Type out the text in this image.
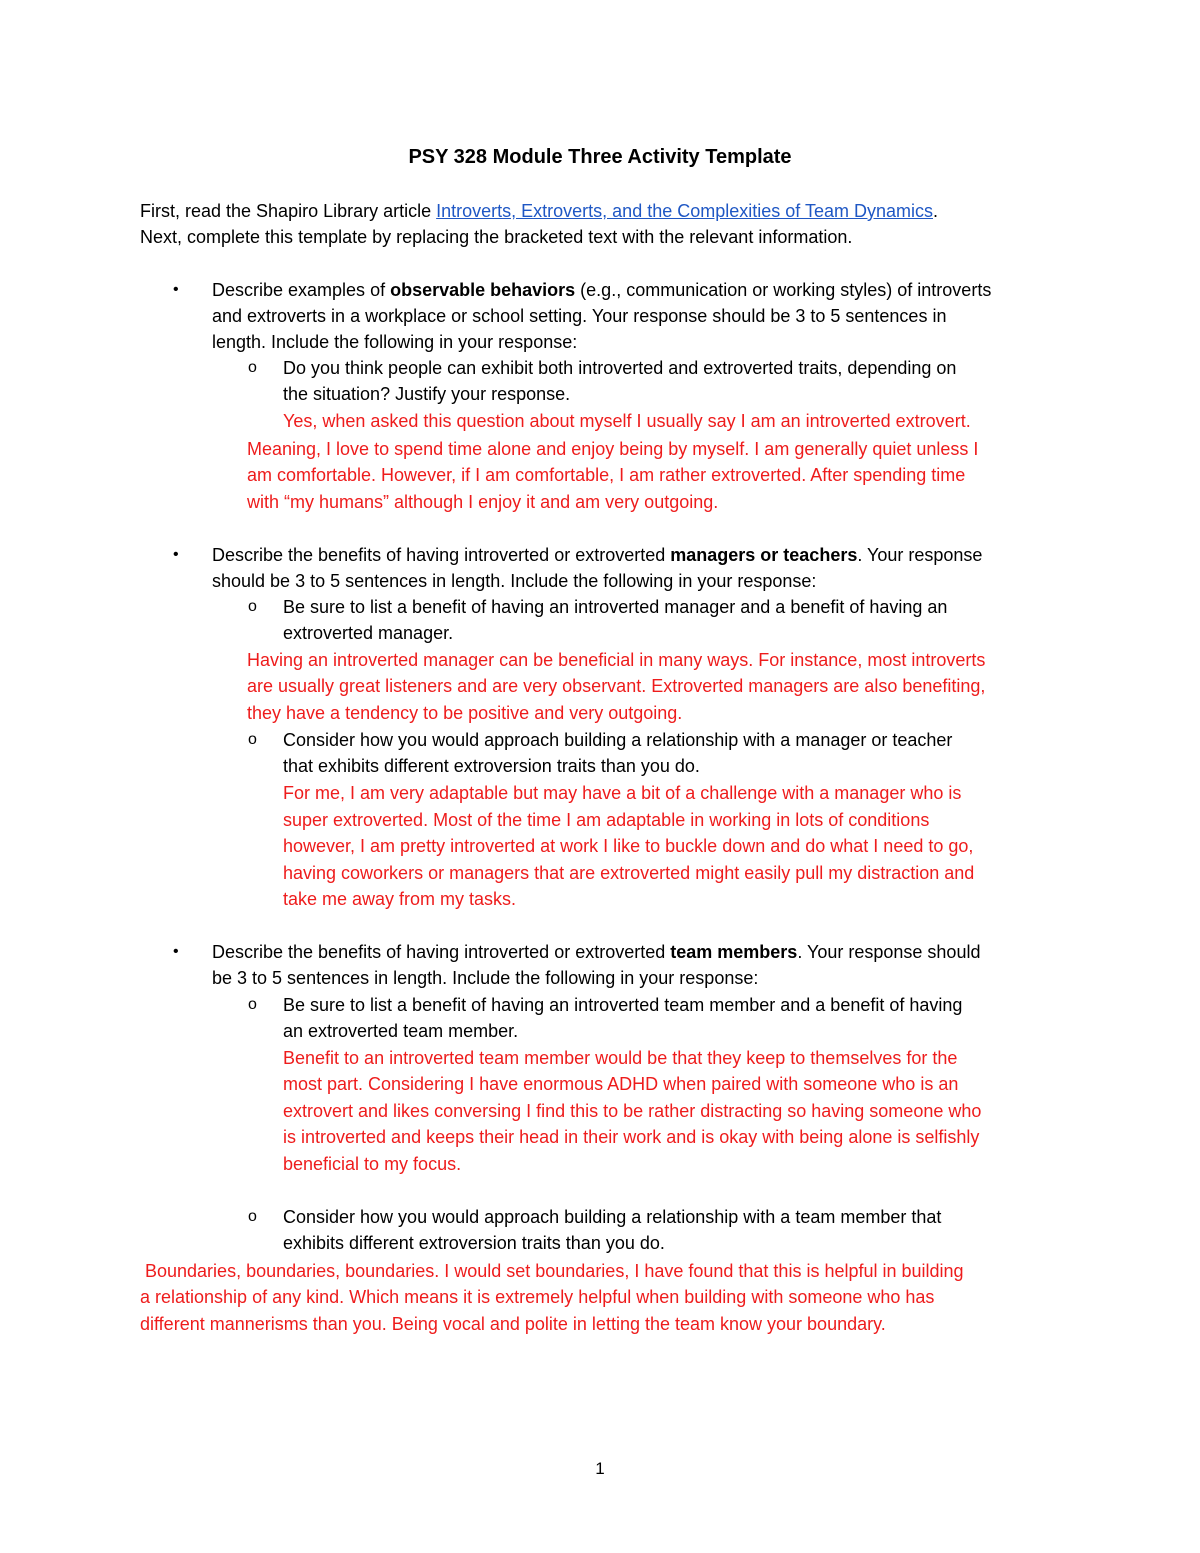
PSY 328 Module Three Activity Template
First, read the Shapiro Library article Introverts, Extroverts, and the Complexities of Team Dynamics.
Next, complete this template by replacing the bracketed text with the relevant information.
• Describe examples of observable behaviors (e.g., communication or working styles) of introverts
and extroverts in a workplace or school setting. Your response should be 3 to 5 sentences in
length. Include the following in your response:
o Do you think people can exhibit both introverted and extroverted traits, depending on
the situation? Justify your response.
Yes, when asked this question about myself I usually say I am an introverted extrovert.
Meaning, I love to spend time alone and enjoy being by myself. I am generally quiet unless I
am comfortable. However, if I am comfortable, I am rather extroverted. After spending time
with “my humans” although I enjoy it and am very outgoing.
• Describe the benefits of having introverted or extroverted managers or teachers. Your response
should be 3 to 5 sentences in length. Include the following in your response:
o Be sure to list a benefit of having an introverted manager and a benefit of having an
extroverted manager.
Having an introverted manager can be beneficial in many ways. For instance, most introverts
are usually great listeners and are very observant. Extroverted managers are also benefiting,
they have a tendency to be positive and very outgoing.
o Consider how you would approach building a relationship with a manager or teacher
that exhibits different extroversion traits than you do.
For me, I am very adaptable but may have a bit of a challenge with a manager who is
super extroverted. Most of the time I am adaptable in working in lots of conditions
however, I am pretty introverted at work I like to buckle down and do what I need to go,
having coworkers or managers that are extroverted might easily pull my distraction and
take me away from my tasks.
• Describe the benefits of having introverted or extroverted team members. Your response should
be 3 to 5 sentences in length. Include the following in your response:
o Be sure to list a benefit of having an introverted team member and a benefit of having
an extroverted team member.
Benefit to an introverted team member would be that they keep to themselves for the
most part. Considering I have enormous ADHD when paired with someone who is an
extrovert and likes conversing I find this to be rather distracting so having someone who
is introverted and keeps their head in their work and is okay with being alone is selfishly
beneficial to my focus.
o Consider how you would approach building a relationship with a team member that
exhibits different extroversion traits than you do.
Boundaries, boundaries, boundaries. I would set boundaries, I have found that this is helpful in building
a relationship of any kind. Which means it is extremely helpful when building with someone who has
different mannerisms than you. Being vocal and polite in letting the team know your boundary.
1
